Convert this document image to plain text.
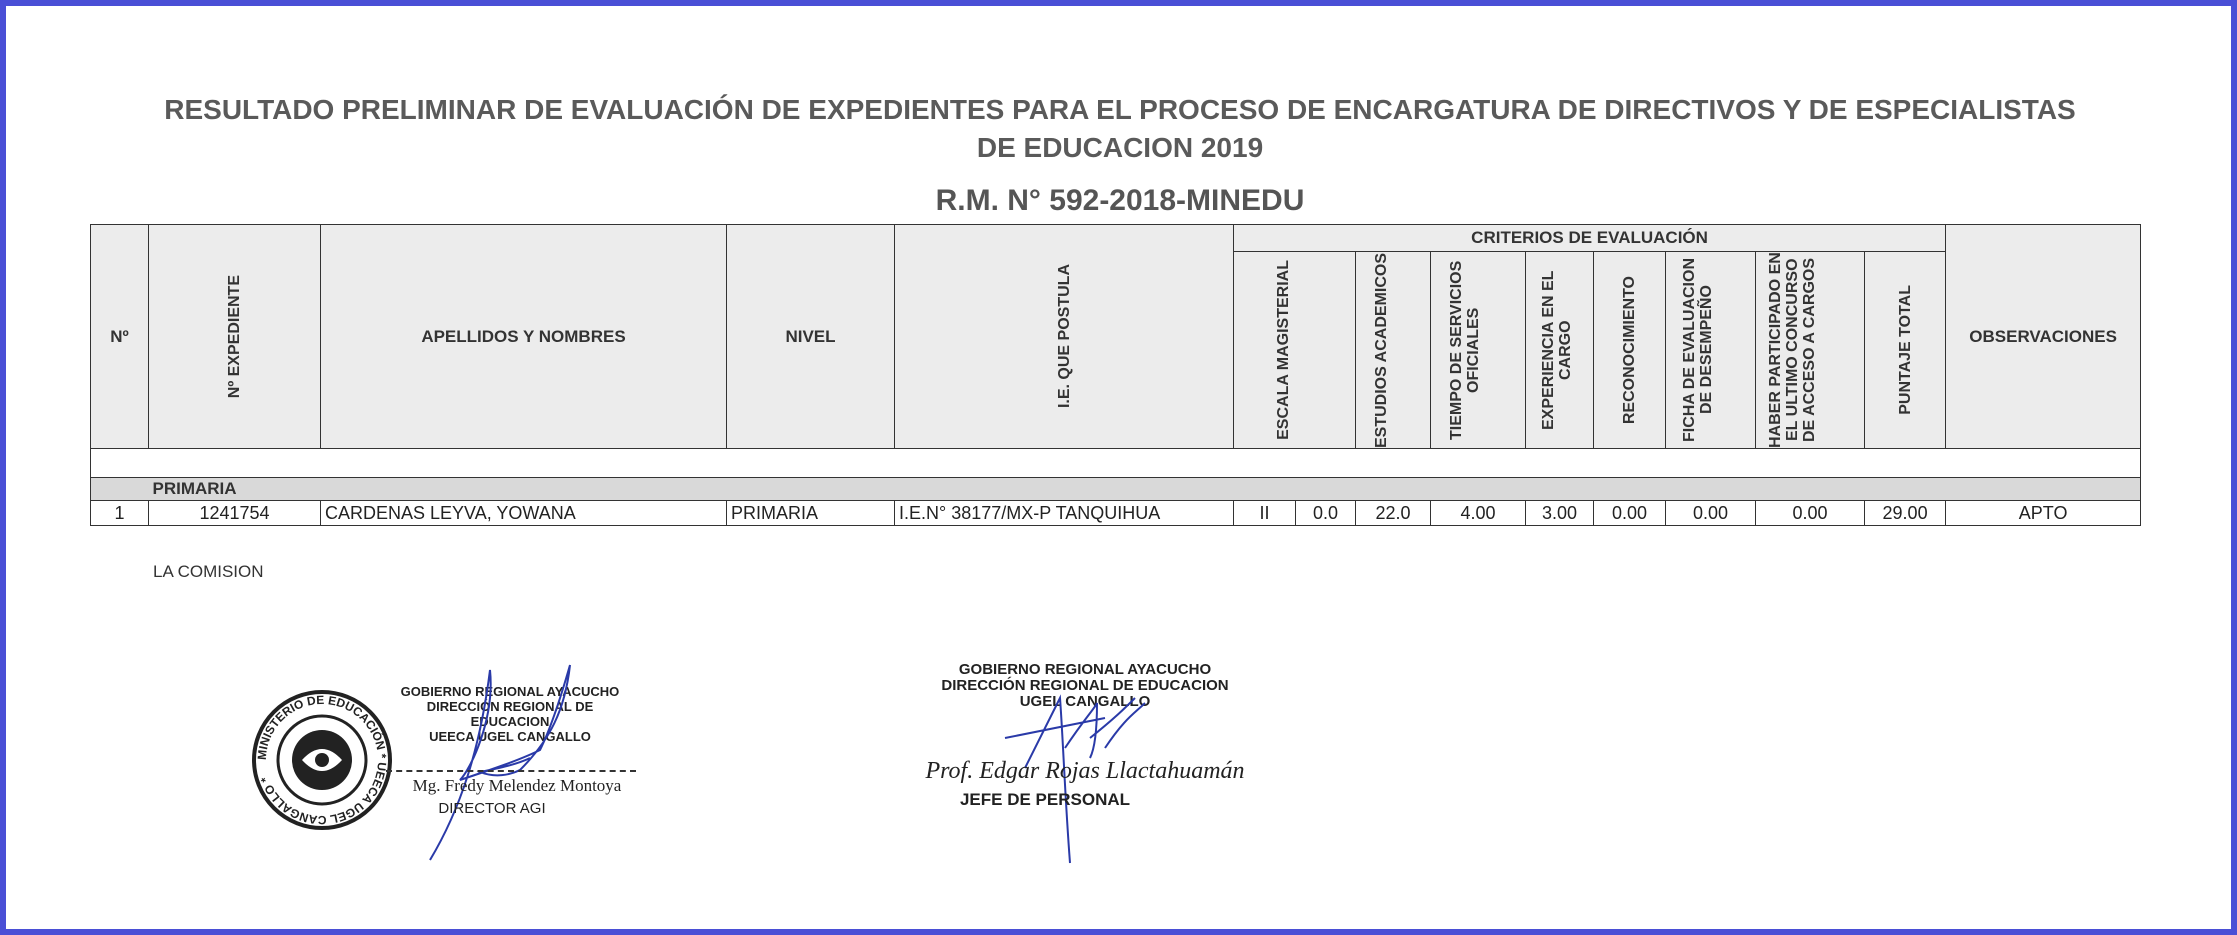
RESULTADO PRELIMINAR DE EVALUACIÓN DE EXPEDIENTES PARA EL PROCESO DE ENCARGATURA DE DIRECTIVOS Y DE ESPECIALISTAS
DE EDUCACION 2019
R.M. N° 592-2018-MINEDU
Nº	Nº EXPEDIENTE	APELLIDOS Y NOMBRES	NIVEL	I.E. QUE POSTULA	CRITERIOS DE EVALUACIÓN									OBSERVACIONES

					ESCALA MAGISTERIAL		ESTUDIOS ACADEMICOS	TIEMPO DE SERVICIOS OFICIALES	EXPERIENCIA EN EL CARGO	RECONOCIMIENTO	FICHA DE EVALUACION DE DESEMPEÑO	HABER PARTICIPADO EN EL ULTIMO CONCURSO DE ACCESO A CARGOS	PUNTAJE TOTAL	

	PRIMARIA													
1	1241754	CARDENAS LEYVA, YOWANA	PRIMARIA	I.E.N° 38177/MX-P TANQUIHUA	II	0.0	22.0	4.00	3.00	0.00	0.00	0.00	29.00	APTO
LA COMISION
MINISTERIO DE EDUCACIÓN * UEECA UGEL CANGALLO *
GOBIERNO REGIONAL AYACUCHO
DIRECCIÓN REGIONAL DE EDUCACION
UEECA UGEL CANGALLO
Mg. Fredy Melendez Montoya
DIRECTOR AGI
GOBIERNO REGIONAL AYACUCHO
DIRECCIÓN REGIONAL DE EDUCACION
UGEL CANGALLO
Prof. Edgar Rojas Llactahuamán
JEFE DE PERSONAL
